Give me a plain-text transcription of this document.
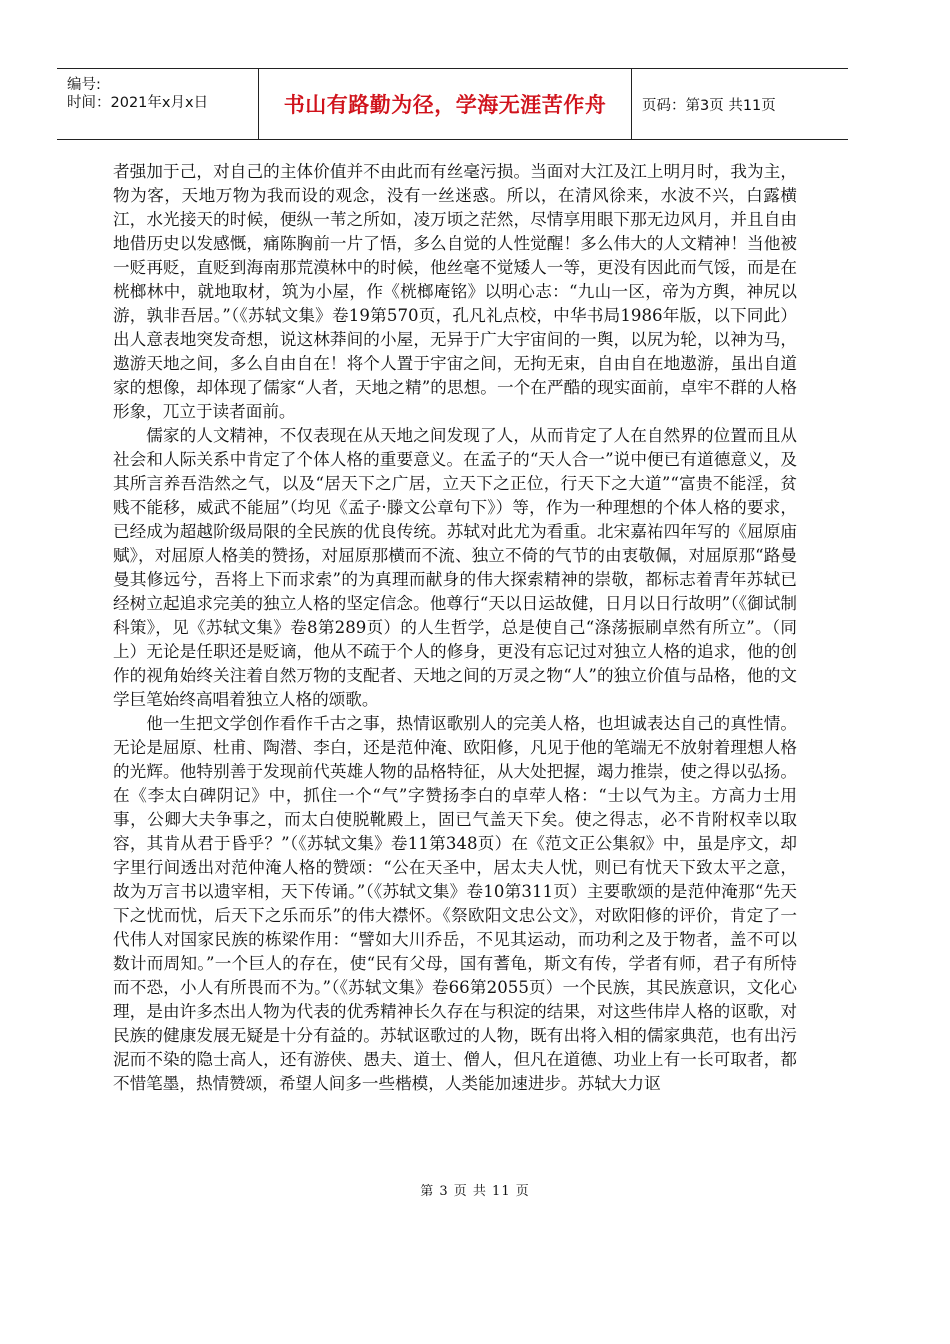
编号:
时间：2021年x月x日	书山有路勤为径，学海无涯苦作舟 页码：第3页 共11页

者强加于己，对自己的主体价值并不由此而有丝毫污损。当面对大江及江上明月时，我为主，物为客，天地万物为我而设的观念，没有一丝迷惑。所以，在清风徐来，水波不兴，白露横江，水光接天的时候，便纵一苇之所如，凌万顷之茫然，尽情享用眼下那无边风月，并且自由地借历史以发感慨，痛陈胸前一片了悟，多么自觉的人性觉醒！多么伟大的人文精神！当他被一贬再贬，直贬到海南那荒漠林中的时候，他丝毫不觉矮人一等，更没有因此而气馁，而是在桄榔林中，就地取材，筑为小屋，作《桄榔庵铭》以明心志：“九山一区，帝为方舆，神尻以游，孰非吾居。”（《苏轼文集》卷19第570页，孔凡礼点校，中华书局1986年版，以下同此）出人意表地突发奇想，说这林莽间的小屋，无异于广大宇宙间的一舆，以尻为轮，以神为马，遨游天地之间，多么自由自在！将个人置于宇宙之间，无拘无束，自由自在地遨游，虽出自道家的想像，却体现了儒家“人者，天地之精”的思想。一个在严酷的现实面前，卓牢不群的人格形象，兀立于读者面前。

儒家的人文精神，不仅表现在从天地之间发现了人，从而肯定了人在自然界的位置而且从社会和人际关系中肯定了个体人格的重要意义。在孟子的“天人合一”说中便已有道德意义，及其所言养吾浩然之气，以及“居天下之广居，立天下之正位，行天下之大道”“富贵不能淫，贫贱不能移，威武不能屈”（均见《孟子·滕文公章句下》）等，作为一种理想的个体人格的要求，已经成为超越阶级局限的全民族的优良传统。苏轼对此尤为看重。北宋嘉祐四年写的《屈原庙赋》，对屈原人格美的赞扬，对屈原那横而不流、独立不倚的气节的由衷敬佩，对屈原那“路曼曼其修远兮，吾将上下而求索”的为真理而献身的伟大探索精神的崇敬，都标志着青年苏轼已经树立起追求完美的独立人格的坚定信念。他尊行“天以日运故健，日月以日行故明”（《御试制科策》，见《苏轼文集》卷8第289页）的人生哲学，总是使自己“涤荡振刷卓然有所立”。（同上）无论是任职还是贬谪，他从不疏于个人的修身，更没有忘记过对独立人格的追求，他的创作的视角始终关注着自然万物的支配者、天地之间的万灵之物“人”的独立价值与品格，他的文学巨笔始终高唱着独立人格的颂歌。

他一生把文学创作看作千古之事，热情讴歌别人的完美人格，也坦诚表达自己的真性情。无论是屈原、杜甫、陶潜、李白，还是范仲淹、欧阳修，凡见于他的笔端无不放射着理想人格的光辉。他特别善于发现前代英雄人物的品格特征，从大处把握，竭力推崇，使之得以弘扬。在《李太白碑阴记》中，抓住一个“气”字赞扬李白的卓荦人格：“士以气为主。方高力士用事，公卿大夫争事之，而太白使脱靴殿上，固已气盖天下矣。使之得志，必不肯附权幸以取容，其肯从君于昏乎？”（《苏轼文集》卷11第348页）在《范文正公集叙》中，虽是序文，却字里行间透出对范仲淹人格的赞颂：“公在天圣中，居太夫人忧，则已有忧天下致太平之意，故为万言书以遗宰相，天下传诵。”（《苏轼文集》卷10第311页）主要歌颂的是范仲淹那“先天下之忧而忧，后天下之乐而乐”的伟大襟怀。《祭欧阳文忠公文》，对欧阳修的评价，肯定了一代伟人对国家民族的栋梁作用：“譬如大川乔岳，不见其运动，而功利之及于物者，盖不可以数计而周知。”一个巨人的存在，使“民有父母，国有蓍龟，斯文有传，学者有师，君子有所恃而不恐，小人有所畏而不为。”（《苏轼文集》卷66第2055页）一个民族，其民族意识，文化心理，是由许多杰出人物为代表的优秀精神长久存在与积淀的结果，对这些伟岸人格的讴歌，对民族的健康发展无疑是十分有益的。苏轼讴歌过的人物，既有出将入相的儒家典范，也有出污泥而不染的隐士高人，还有游侠、愚夫、道士、僧人，但凡在道德、功业上有一长可取者，都不惜笔墨，热情赞颂，希望人间多一些楷模，人类能加速进步。苏轼大力讴

第 3 页 共 11 页
